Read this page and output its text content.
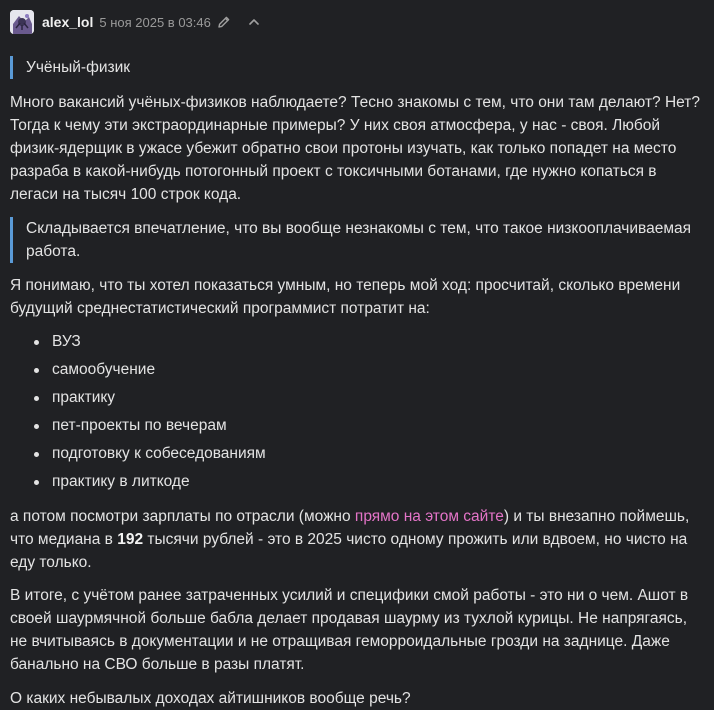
alex_lol 5 ноя 2025 в 03:46

Учёный-физик

Много вакансий учёных-физиков наблюдаете? Тесно знакомы с тем, что они там делают? Нет? Тогда к чему эти экстраординарные примеры? У них своя атмосфера, у нас - своя. Любой физик-ядерщик в ужасе убежит обратно свои протоны изучать, как только попадет на место разраба в какой-нибудь потогонный проект с токсичными ботанами, где нужно копаться в легаси на тысяч 100 строк кода.

Складывается впечатление, что вы вообще незнакомы с тем, что такое низкооплачиваемая работа.

Я понимаю, что ты хотел показаться умным, но теперь мой ход: просчитай, сколько времени будущий среднестатистический программист потратит на:

ВУЗ
самообучение
практику
пет-проекты по вечерам
подготовку к собеседованиям
практику в литкоде

а потом посмотри зарплаты по отрасли (можно прямо на этом сайте) и ты внезапно поймешь, что медиана в 192 тысячи рублей - это в 2025 чисто одному прожить или вдвоем, но чисто на еду только.

В итоге, с учётом ранее затраченных усилий и специфики смой работы - это ни о чем. Ашот в своей шаурмячной больше бабла делает продавая шаурму из тухлой курицы. Не напрягаясь, не вчитываясь в документации и не отращивая геморроидальные грозди на заднице. Даже банально на СВО больше в разы платят.

О каких небывалых доходах айтишников вообще речь?
